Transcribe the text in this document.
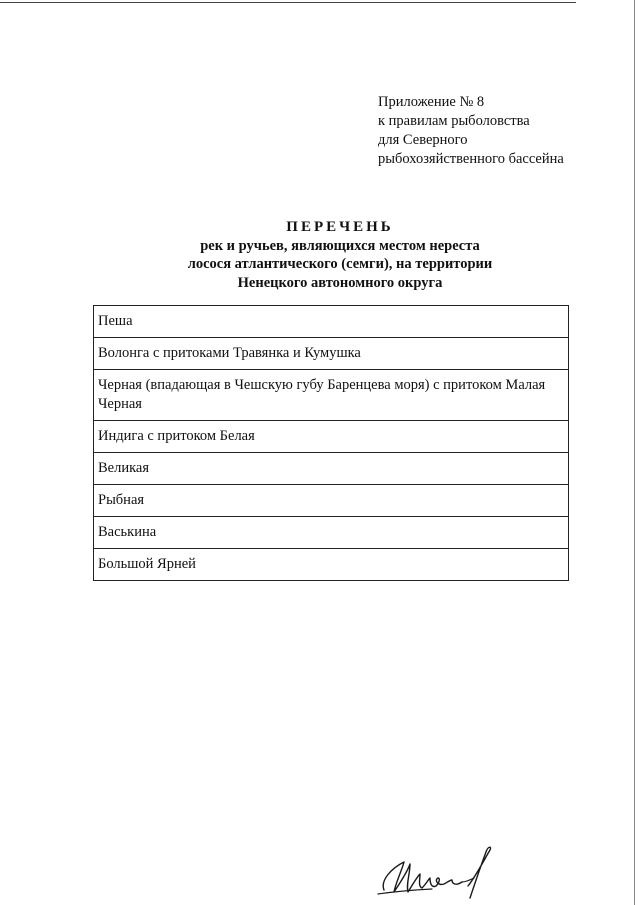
Приложение № 8
к правилам рыболовства
для Северного
рыбохозяйственного бассейна
ПЕРЕЧЕНЬ
рек и ручьев, являющихся местом нереста
лосося атлантического (семги), на территории
Ненецкого автономного округа
Пеша
Волонга с притоками Травянка и Кумушка
Черная (впадающая в Чешскую губу Баренцева моря) с притоком Малая Черная
Индига с притоком Белая
Великая
Рыбная
Васькина
Большой Ярней
